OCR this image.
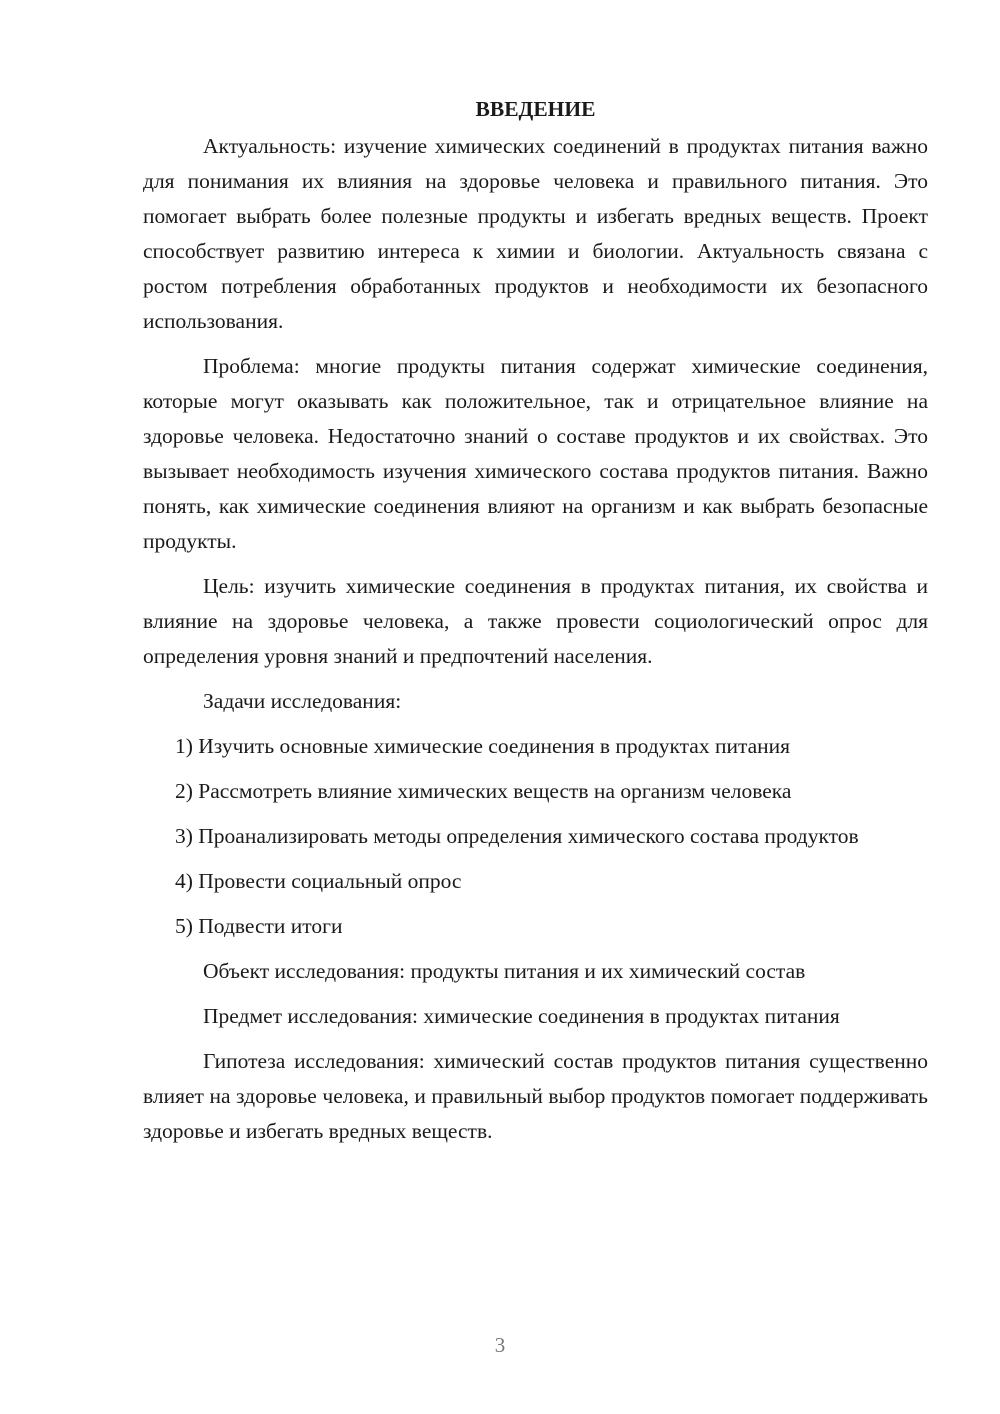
ВВЕДЕНИЕ

Актуальность: изучение химических соединений в продуктах питания важно для понимания их влияния на здоровье человека и правильного питания. Это помогает выбрать более полезные продукты и избегать вредных веществ. Проект способствует развитию интереса к химии и биологии. Актуальность связана с ростом потребления обработанных продуктов и необходимости их безопасного использования.

Проблема: многие продукты питания содержат химические соединения, которые могут оказывать как положительное, так и отрицательное влияние на здоровье человека. Недостаточно знаний о составе продуктов и их свойствах. Это вызывает необходимость изучения химического состава продуктов питания. Важно понять, как химические соединения влияют на организм и как выбрать безопасные продукты.

Цель: изучить химические соединения в продуктах питания, их свойства и влияние на здоровье человека, а также провести социологический опрос для определения уровня знаний и предпочтений населения.

Задачи исследования:

1) Изучить основные химические соединения в продуктах питания

2) Рассмотреть влияние химических веществ на организм человека

3) Проанализировать методы определения химического состава продуктов

4) Провести социальный опрос

5) Подвести итоги

Объект исследования: продукты питания и их химический состав

Предмет исследования: химические соединения в продуктах питания

Гипотеза исследования: химический состав продуктов питания существенно влияет на здоровье человека, и правильный выбор продуктов помогает поддерживать здоровье и избегать вредных веществ.

3
